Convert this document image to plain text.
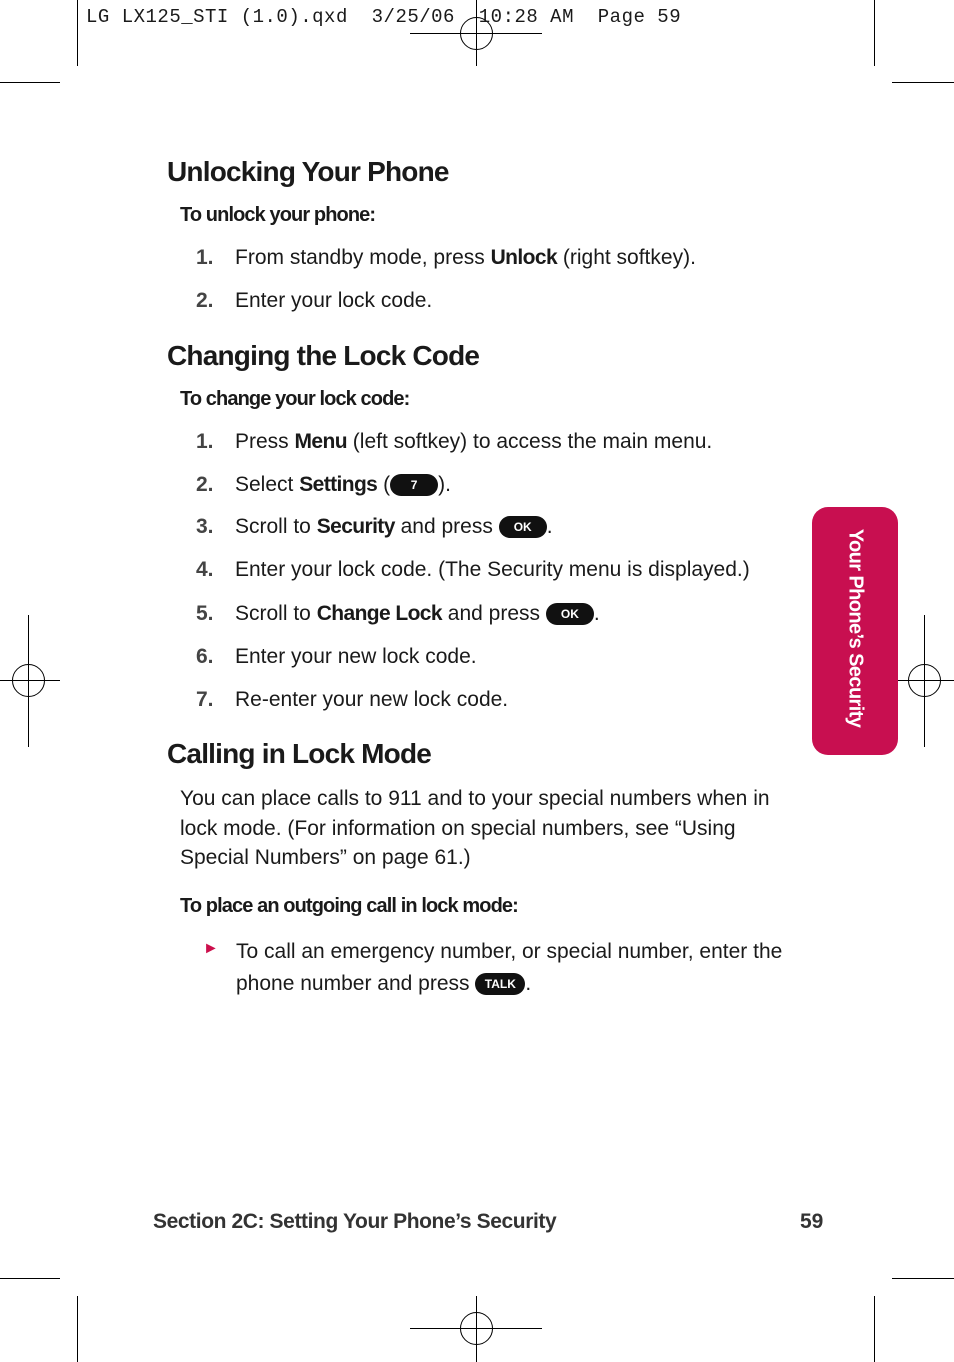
LG LX125_STI (1.0).qxd  3/25/06  10:28 AM  Page 59
Unlocking Your Phone

To unlock your phone:

1. From standby mode, press Unlock (right softkey).
2. Enter your lock code.
Changing the Lock Code

To change your lock code:

1. Press Menu (left softkey) to access the main menu.
2. Select Settings ( 7 ).
3. Scroll to Security and press OK .
4. Enter your lock code. (The Security menu is displayed.)
5. Scroll to Change Lock and press OK .
6. Enter your new lock code.
7. Re-enter your new lock code.
Calling in Lock Mode

You can place calls to 911 and to your special numbers when in lock mode. (For information on special numbers, see “Using Special Numbers” on page 61.)

To place an outgoing call in lock mode:

► To call an emergency number, or special number, enter the phone number and press TALK .

Your Phone’s Security
Section 2C: Setting Your Phone’s Security	59
